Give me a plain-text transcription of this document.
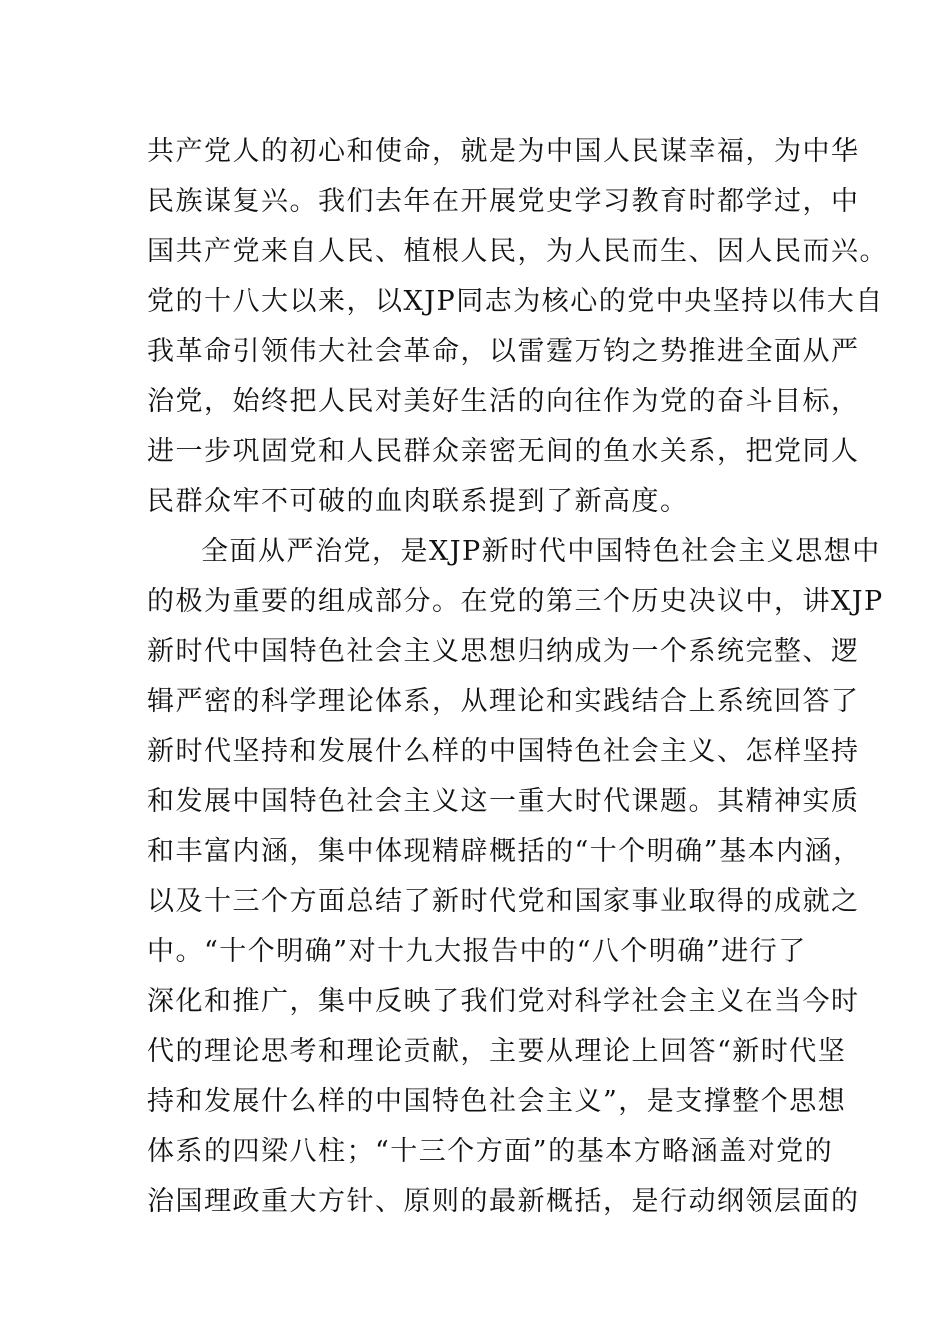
共产党人的初心和使命，就是为中国人民谋幸福，为中华
民族谋复兴。我们去年在开展党史学习教育时都学过，中
国共产党来自人民、植根人民，为人民而生、因人民而兴。
党的十八大以来，以XJP同志为核心的党中央坚持以伟大自
我革命引领伟大社会革命，以雷霆万钧之势推进全面从严
治党，始终把人民对美好生活的向往作为党的奋斗目标，
进一步巩固党和人民群众亲密无间的鱼水关系，把党同人
民群众牢不可破的血肉联系提到了新高度。
全面从严治党，是XJP新时代中国特色社会主义思想中
的极为重要的组成部分。在党的第三个历史决议中，讲XJP
新时代中国特色社会主义思想归纳成为一个系统完整、逻
辑严密的科学理论体系，从理论和实践结合上系统回答了
新时代坚持和发展什么样的中国特色社会主义、怎样坚持
和发展中国特色社会主义这一重大时代课题。其精神实质
和丰富内涵，集中体现精辟概括的“十个明确”基本内涵，
以及十三个方面总结了新时代党和国家事业取得的成就之
中。“十个明确”对十九大报告中的“八个明确”进行了
深化和推广，集中反映了我们党对科学社会主义在当今时
代的理论思考和理论贡献，主要从理论上回答“新时代坚
持和发展什么样的中国特色社会主义”，是支撑整个思想
体系的四梁八柱；“十三个方面”的基本方略涵盖对党的
治国理政重大方针、原则的最新概括，是行动纲领层面的
